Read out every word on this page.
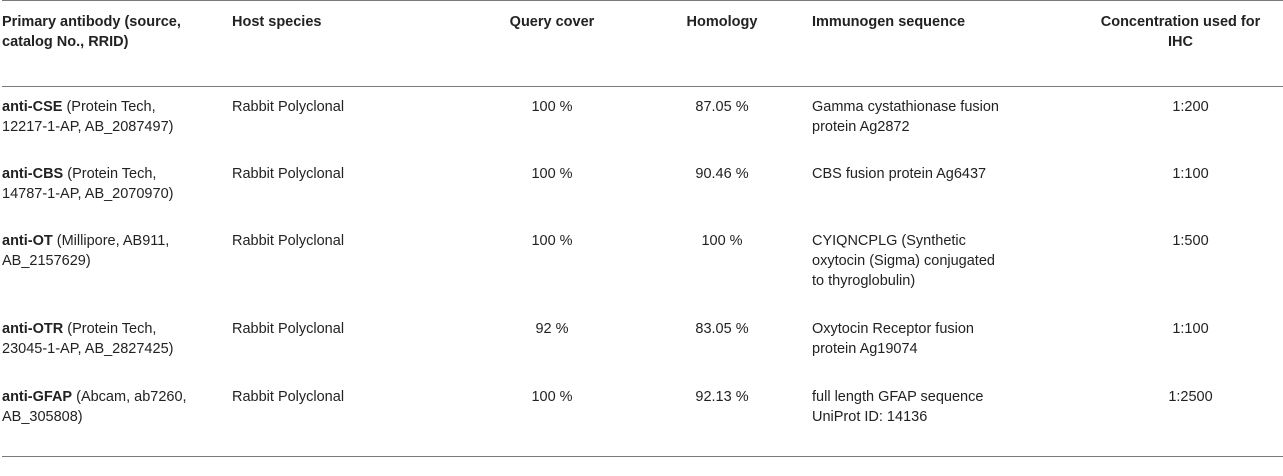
Primary antibody (source, catalog No., RRID)	Host species	Query cover	Homology	Immunogen sequence	Concentration used for IHC
anti-CSE (Protein Tech, 12217-1-AP, AB_2087497)	Rabbit Polyclonal	100 %	87.05 %	Gamma cystathionase fusion protein Ag2872	1:200
anti-CBS (Protein Tech, 14787-1-AP, AB_2070970)	Rabbit Polyclonal	100 %	90.46 %	CBS fusion protein Ag6437	1:100
anti-OT (Millipore, AB911, AB_2157629)	Rabbit Polyclonal	100 %	100 %	CYIQNCPLG (Synthetic oxytocin (Sigma) conjugated to thyroglobulin)	1:500
anti-OTR (Protein Tech, 23045-1-AP, AB_2827425)	Rabbit Polyclonal	92 %	83.05 %	Oxytocin Receptor fusion protein Ag19074	1:100
anti-GFAP (Abcam, ab7260, AB_305808)	Rabbit Polyclonal	100 %	92.13 %	full length GFAP sequence UniProt ID: 14136	1:2500
